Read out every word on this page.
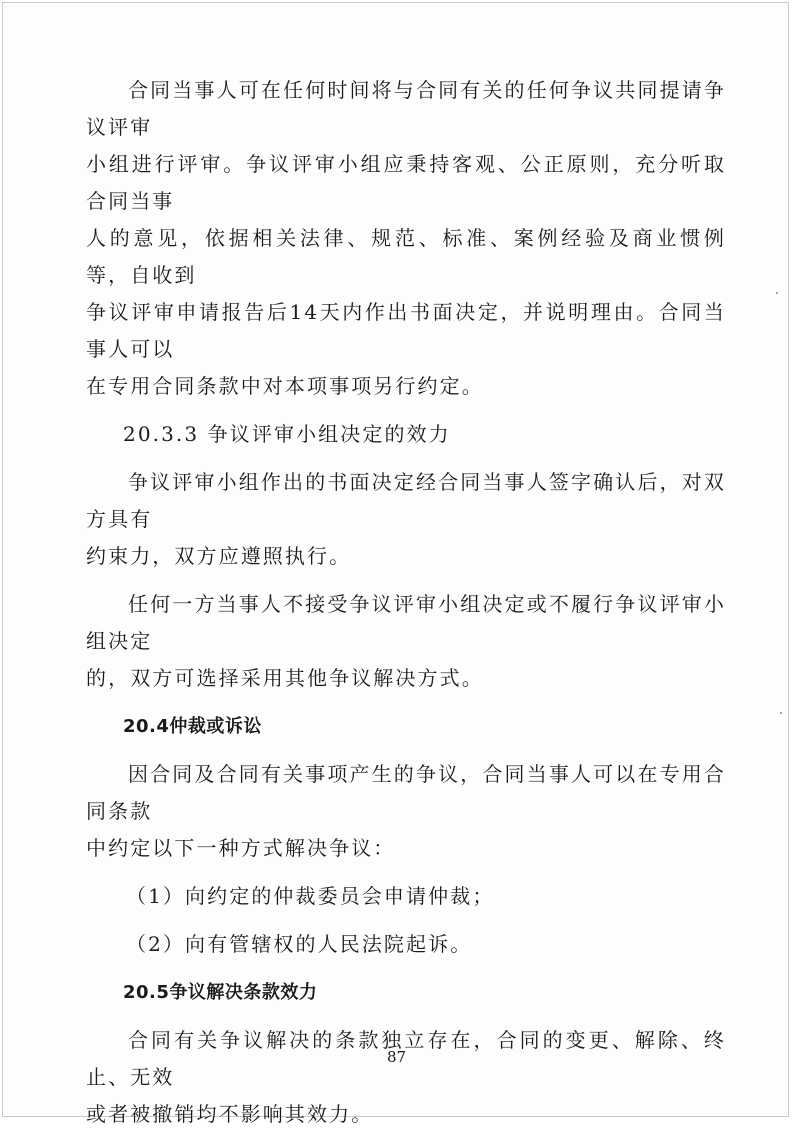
合同当事人可在任何时间将与合同有关的任何争议共同提请争议评审

小组进行评审。争议评审小组应秉持客观、公正原则，充分听取合同当事

人的意见，依据相关法律、规范、标准、案例经验及商业惯例等，自收到

争议评审申请报告后14天内作出书面决定，并说明理由。合同当事人可以

在专用合同条款中对本项事项另行约定。

20.3.3 争议评审小组决定的效力

争议评审小组作出的书面决定经合同当事人签字确认后，对双方具有

约束力，双方应遵照执行。

任何一方当事人不接受争议评审小组决定或不履行争议评审小组决定

的，双方可选择采用其他争议解决方式。

20.4仲裁或诉讼

因合同及合同有关事项产生的争议，合同当事人可以在专用合同条款

中约定以下一种方式解决争议：

（1）向约定的仲裁委员会申请仲裁；

（2）向有管辖权的人民法院起诉。

20.5争议解决条款效力

合同有关争议解决的条款独立存在，合同的变更、解除、终止、无效

或者被撤销均不影响其效力。

87
